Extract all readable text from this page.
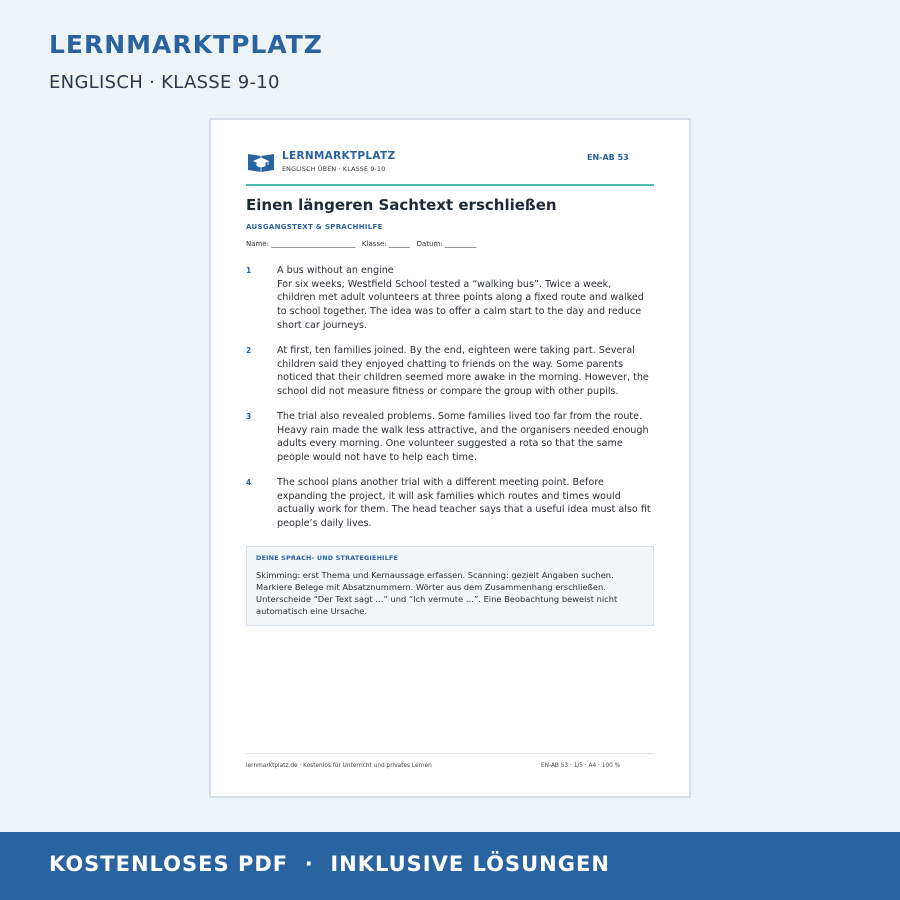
LERNMARKTPLATZ
ENGLISCH · KLASSE 9-10
LERNMARKTPLATZ
ENGLISCH ÜBEN · KLASSE 9-10
EN-AB 53
Einen längeren Sachtext erschließen
AUSGANGSTEXT & SPRACHHILFE
Name: ________________________   Klasse: ______   Datum: _________
1	A bus without an engine
For six weeks, Westfield School tested a “walking bus”. Twice a week,
children met adult volunteers at three points along a fixed route and walked
to school together. The idea was to offer a calm start to the day and reduce
short car journeys.
2	At first, ten families joined. By the end, eighteen were taking part. Several
children said they enjoyed chatting to friends on the way. Some parents
noticed that their children seemed more awake in the morning. However, the
school did not measure fitness or compare the group with other pupils.
3	The trial also revealed problems. Some families lived too far from the route.
Heavy rain made the walk less attractive, and the organisers needed enough
adults every morning. One volunteer suggested a rota so that the same
people would not have to help each time.
4	The school plans another trial with a different meeting point. Before
expanding the project, it will ask families which routes and times would
actually work for them. The head teacher says that a useful idea must also fit
people’s daily lives.
DEINE SPRACH- UND STRATEGIEHILFE
Skimming: erst Thema und Kernaussage erfassen. Scanning: gezielt Angaben suchen.
Markiere Belege mit Absatznummern. Wörter aus dem Zusammenhang erschließen.
Unterscheide “Der Text sagt …” und “Ich vermute …”. Eine Beobachtung beweist nicht
automatisch eine Ursache.
lernmarktplatz.de · Kostenlos für Unterricht und privates Lernen	EN-AB 53 · 1/5 · A4 · 100 %
KOSTENLOSES PDF  ·  INKLUSIVE LÖSUNGEN
